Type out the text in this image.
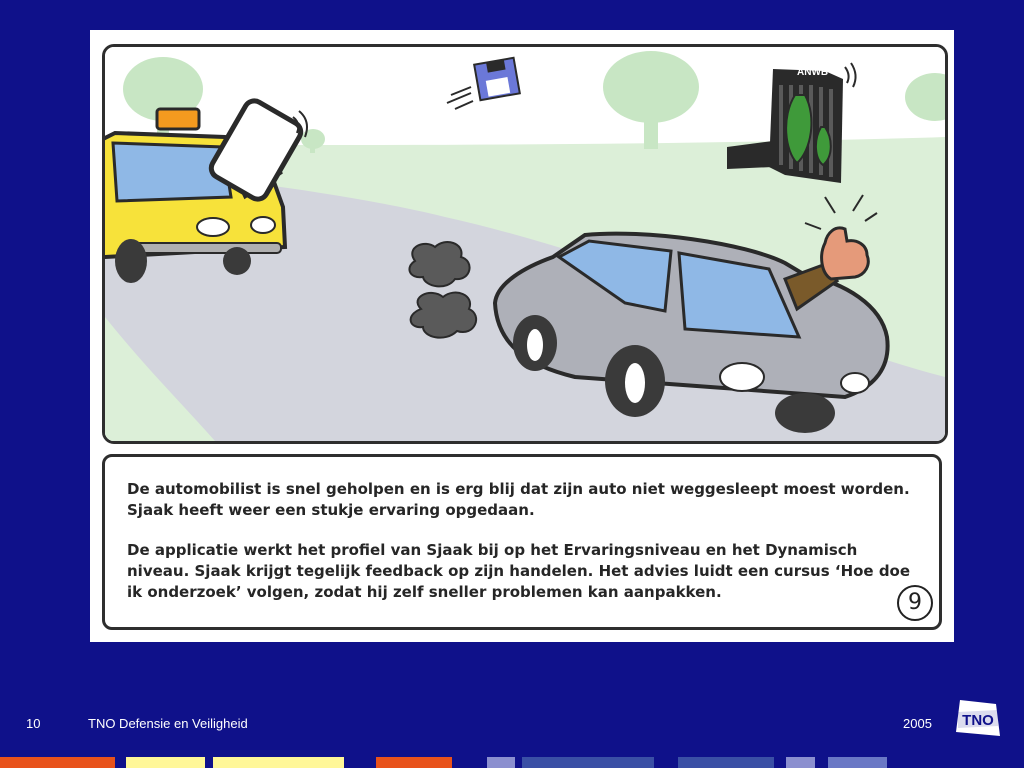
ANWB

De automobilist is snel geholpen en is erg blij dat zijn auto niet weggesleept moest worden. Sjaak heeft weer een stukje ervaring opgedaan.

De applicatie werkt het profiel van Sjaak bij op het Ervaringsniveau en het Dynamisch niveau. Sjaak krijgt tegelijk feedback op zijn handelen. Het advies luidt een cursus ‘Hoe doe ik onderzoek’ volgen, zodat hij zelf sneller problemen kan aanpakken.	9
10	TNO Defensie en Veiligheid	2005 TNO
